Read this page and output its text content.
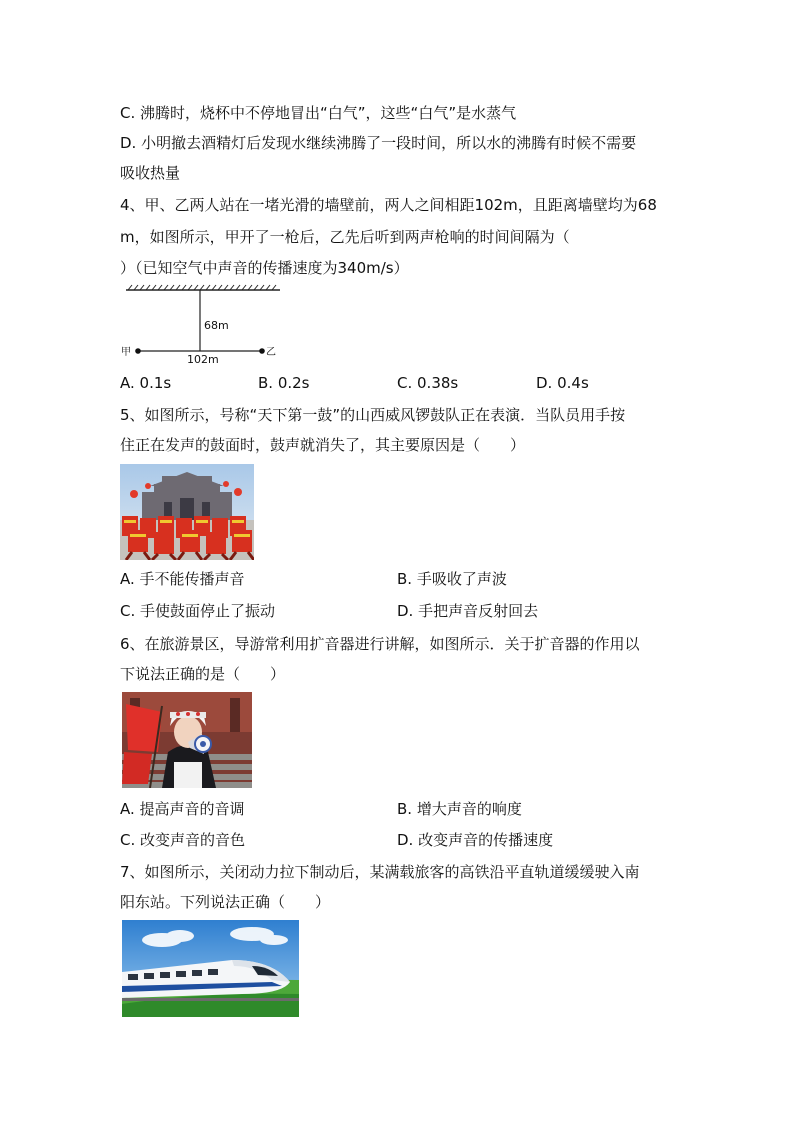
C. 沸腾时，烧杯中不停地冒出“白气”，这些“白气”是水蒸气
D. 小明撤去酒精灯后发现水继续沸腾了一段时间，所以水的沸腾有时候不需要
吸收热量
4、甲、乙两人站在一堵光滑的墙壁前，两人之间相距102m，且距离墙壁均为68
m，如图所示，甲开了一枪后，乙先后听到两声枪响的时间间隔为（
）（已知空气中声音的传播速度为340m/s）
68m
102m
甲	乙
A. 0.1s	B. 0.2s	C. 0.38s	D. 0.4s
5、如图所示，号称“天下第一鼓”的山西威风锣鼓队正在表演．当队员用手按
住正在发声的鼓面时，鼓声就消失了，其主要原因是（　　）
A. 手不能传播声音	B. 手吸收了声波
C. 手使鼓面停止了振动	D. 手把声音反射回去
6、在旅游景区，导游常利用扩音器进行讲解，如图所示．关于扩音器的作用以
下说法正确的是（　　）
A. 提高声音的音调	B. 增大声音的响度
C. 改变声音的音色	D. 改变声音的传播速度
7、如图所示，关闭动力拉下制动后，某满载旅客的高铁沿平直轨道缓缓驶入南
阳东站。下列说法正确（　　）
